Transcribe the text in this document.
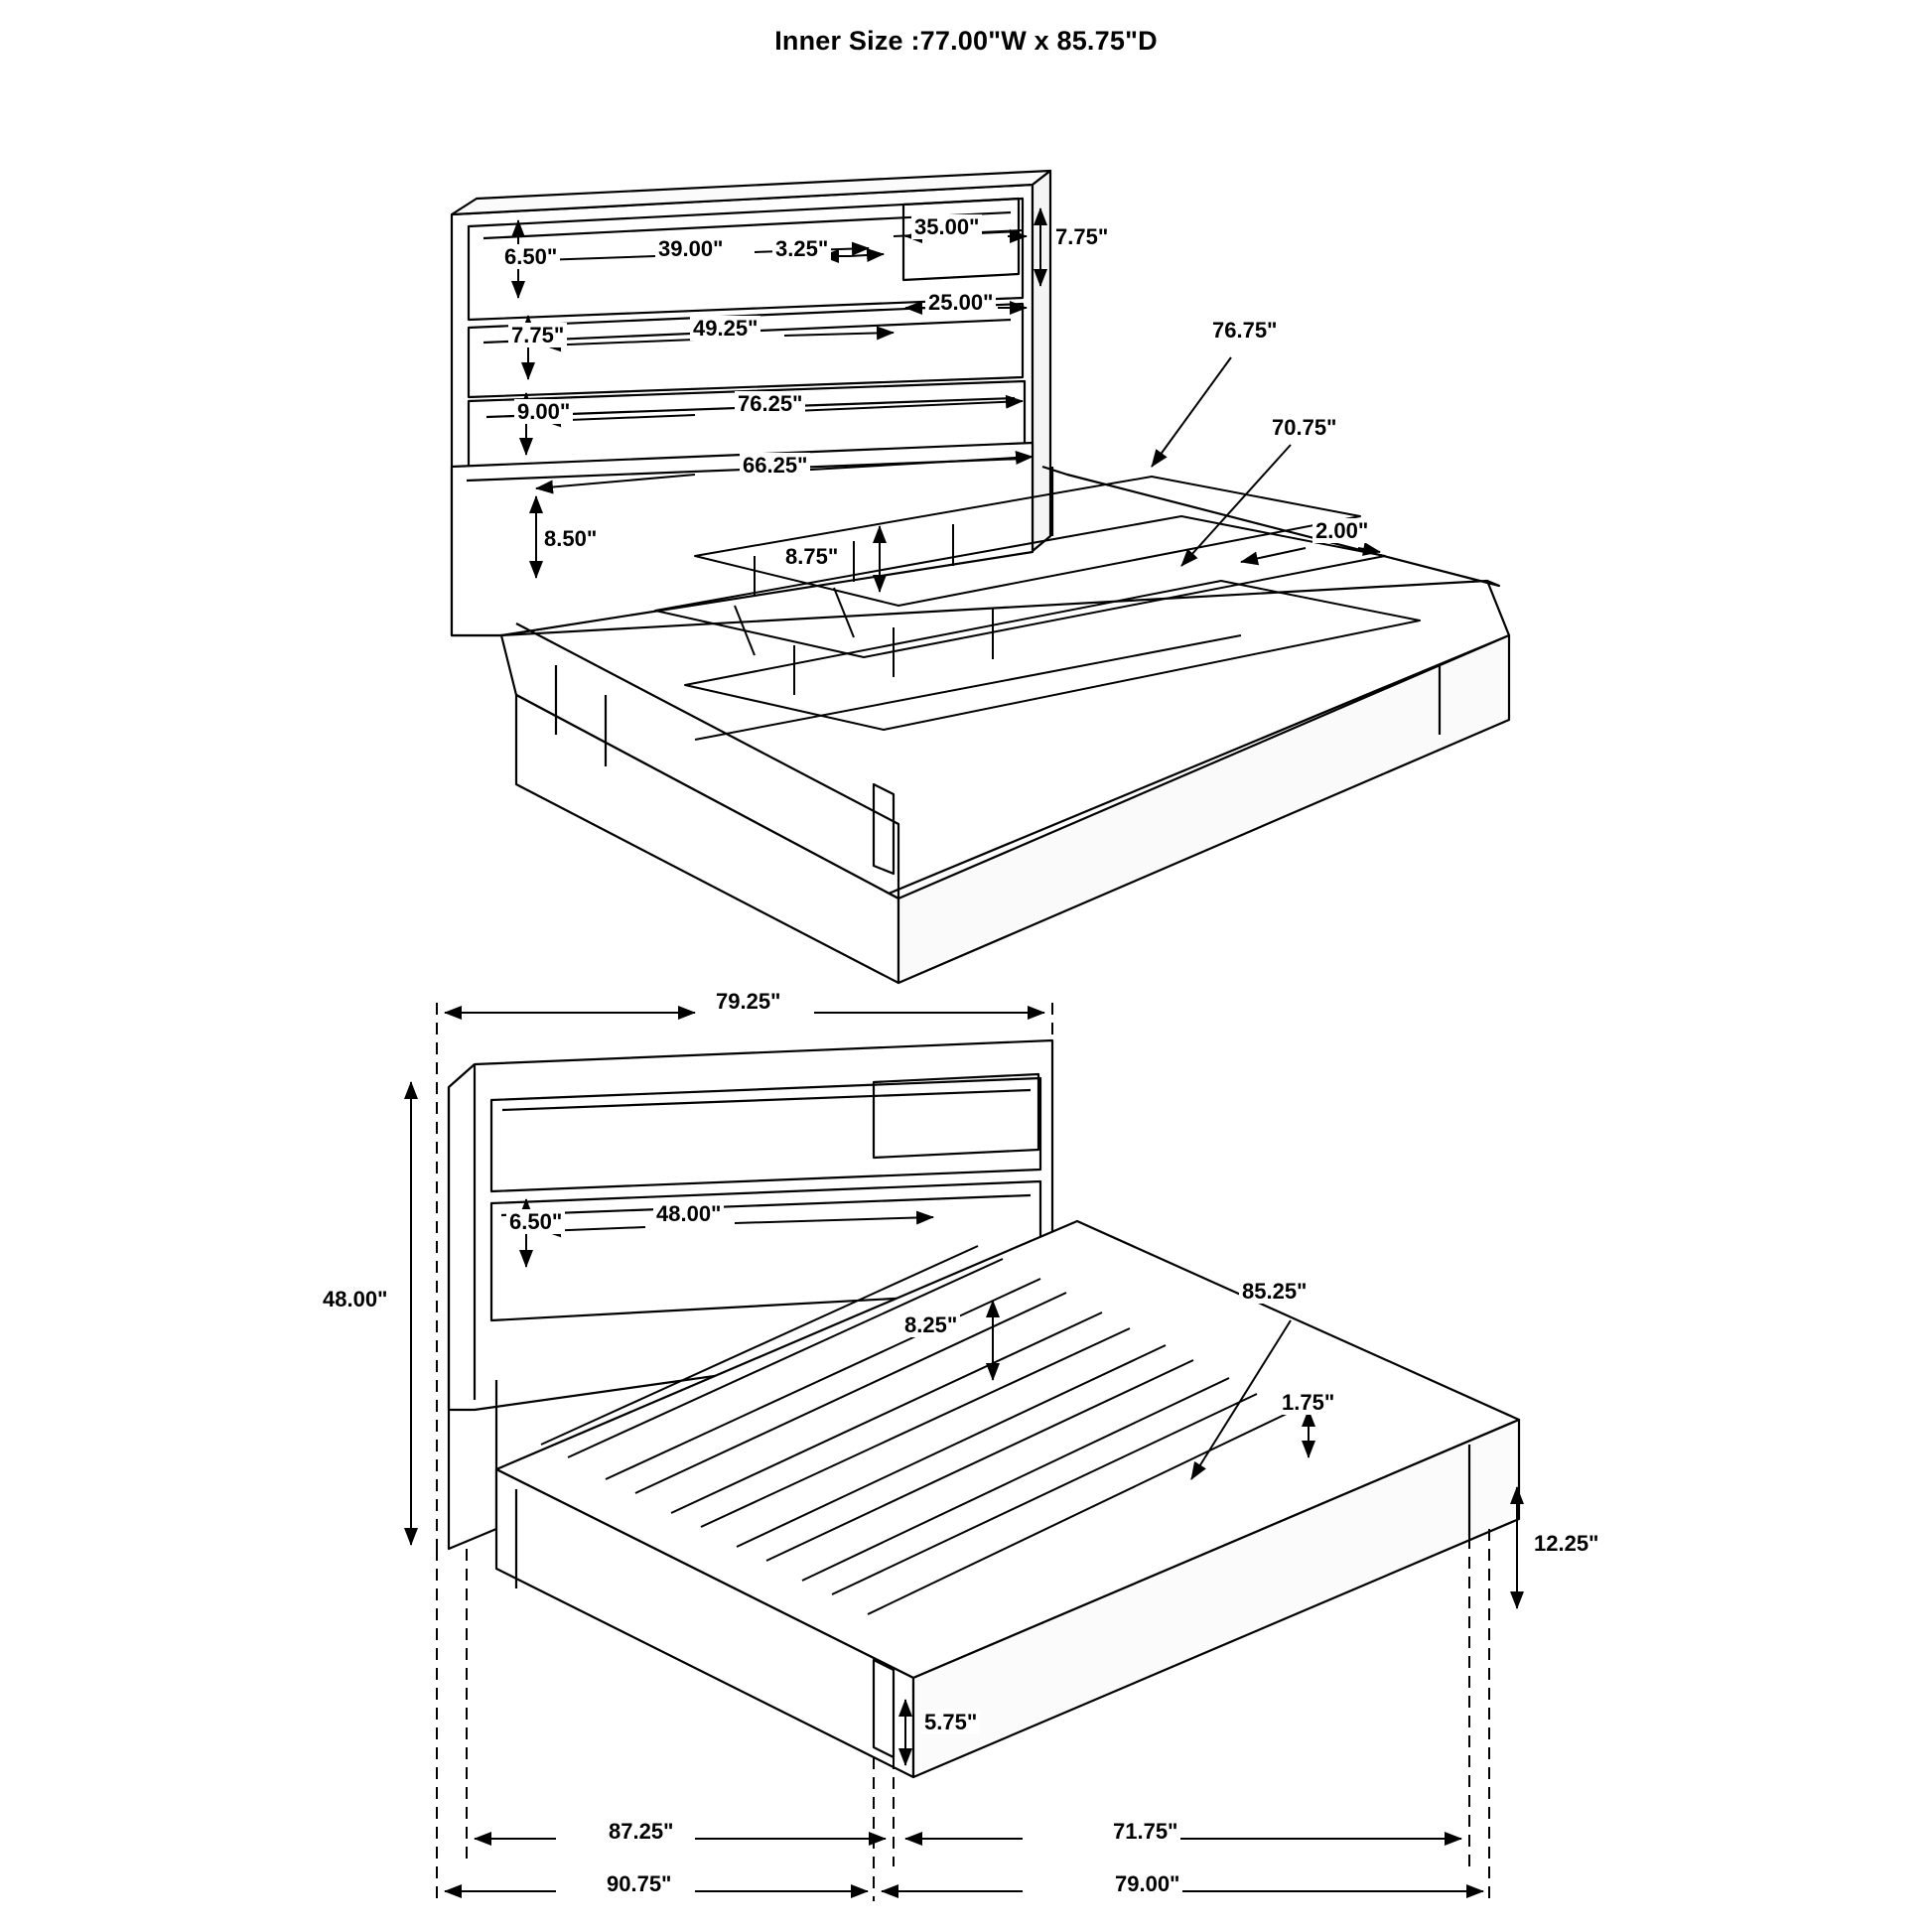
Inner Size :77.00"W x 85.75"D
6.50"	39.00" 3.25"
35.00"	7.75"
25.00"
7.75"	49.25"
9.00"	76.25"
66.25"
8.50"
8.75"
76.75"
70.75"
2.00"
79.25"
48.00"
6.50"	48.00"
8.25"
85.25"
1.75"
12.25"
5.75"
87.25"	71.75"
90.75"	79.00"
